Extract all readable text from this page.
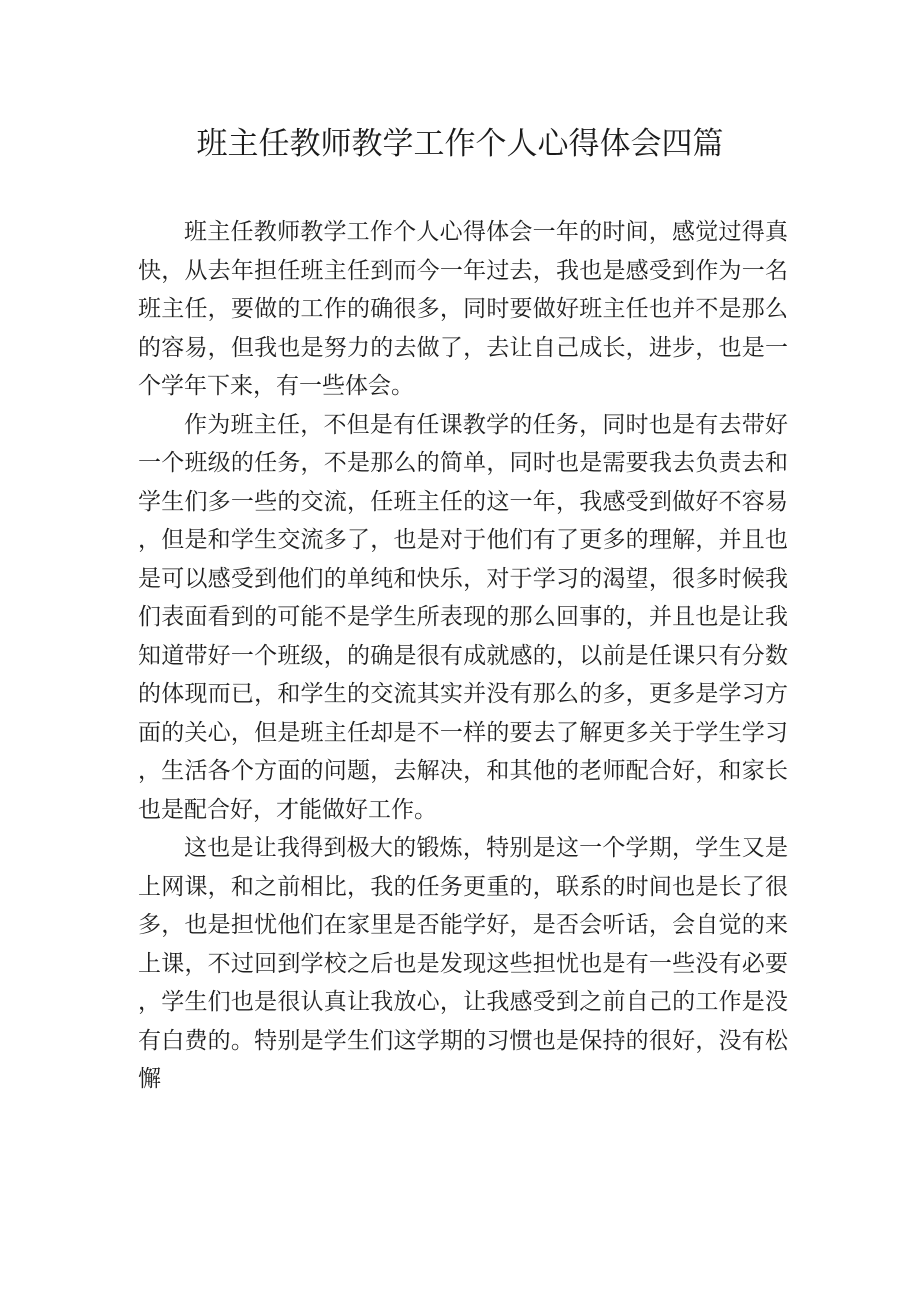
班主任教师教学工作个人心得体会四篇

班主任教师教学工作个人心得体会一年的时间，感觉过得真快，从去年担任班主任到而今一年过去，我也是感受到作为一名班主任，要做的工作的确很多，同时要做好班主任也并不是那么的容易，但我也是努力的去做了，去让自己成长，进步，也是一个学年下来，有一些体会。

作为班主任，不但是有任课教学的任务，同时也是有去带好一个班级的任务，不是那么的简单，同时也是需要我去负责去和学生们多一些的交流，任班主任的这一年，我感受到做好不容易，但是和学生交流多了，也是对于他们有了更多的理解，并且也是可以感受到他们的单纯和快乐，对于学习的渴望，很多时候我们表面看到的可能不是学生所表现的那么回事的，并且也是让我知道带好一个班级，的确是很有成就感的，以前是任课只有分数的体现而已，和学生的交流其实并没有那么的多，更多是学习方面的关心，但是班主任却是不一样的要去了解更多关于学生学习，生活各个方面的问题，去解决，和其他的老师配合好，和家长也是配合好，才能做好工作。

这也是让我得到极大的锻炼，特别是这一个学期，学生又是上网课，和之前相比，我的任务更重的，联系的时间也是长了很多，也是担忧他们在家里是否能学好，是否会听话，会自觉的来上课，不过回到学校之后也是发现这些担忧也是有一些没有必要，学生们也是很认真让我放心，让我感受到之前自己的工作是没有白费的。特别是学生们这学期的习惯也是保持的很好，没有松懈
